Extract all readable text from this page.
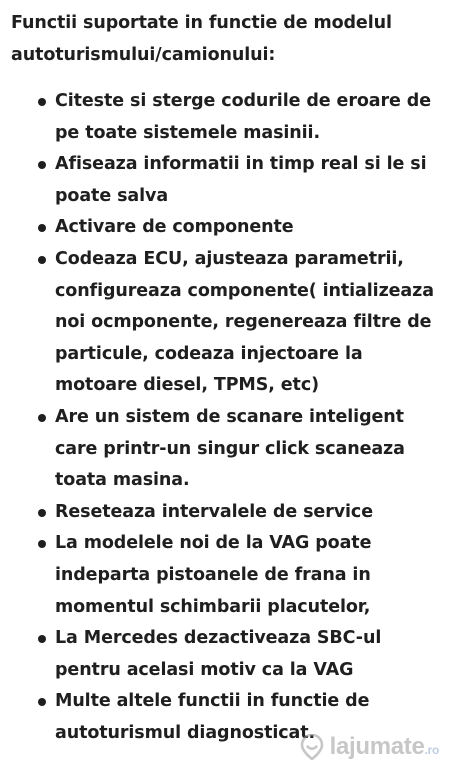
Functii suportate in functie de modelul autoturismului/camionului:
Citeste si sterge codurile de eroare de pe toate sistemele masinii.
Afiseaza informatii in timp real si le si poate salva
Activare de componente
Codeaza ECU, ajusteaza parametrii, configureaza componente( intializeaza noi ocmponente, regenereaza filtre de particule, codeaza injectoare la motoare diesel, TPMS, etc)
Are un sistem de scanare inteligent care printr-un singur click scaneaza toata masina.
Reseteaza intervalele de service
La modelele noi de la VAG poate indeparta pistoanele de frana in momentul schimbarii placutelor,
La Mercedes dezactiveaza SBC-ul pentru acelasi motiv ca la VAG
Multe altele functii in functie de autoturismul diagnosticat.
lajumate.ro
